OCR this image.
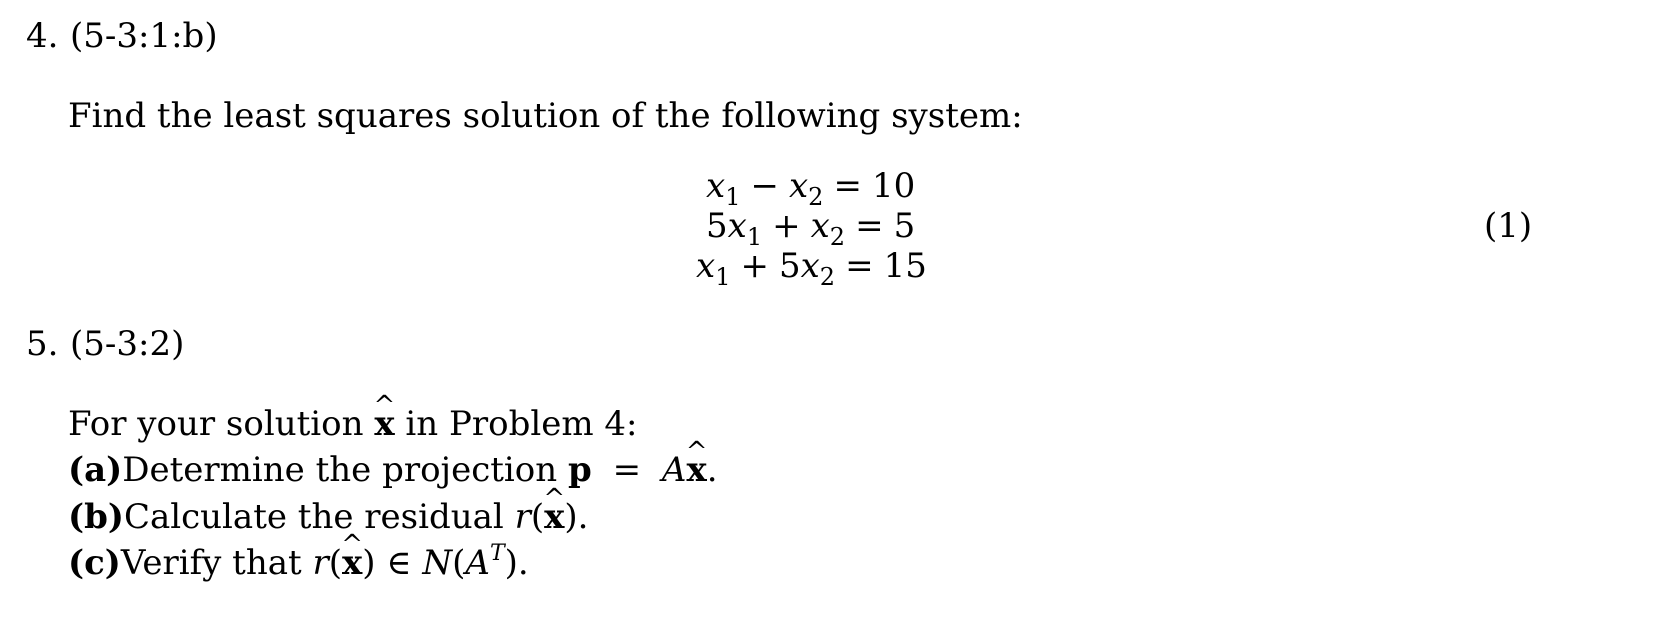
4. (5-3:1:b)
Find the least squares solution of the following system:
$x_1 - x_2 = 10$
$5x_1 + x_2 = 5$
$x_1 + 5x_2 = 15$
(1)
5. (5-3:2)
For your solution ^ x in Problem 4:
(a)Determine the projection p = A^ x.
(b)Calculate the residual r(^ x).
(c)Verify that r(^ x) ∈ $N(A^T)$.
